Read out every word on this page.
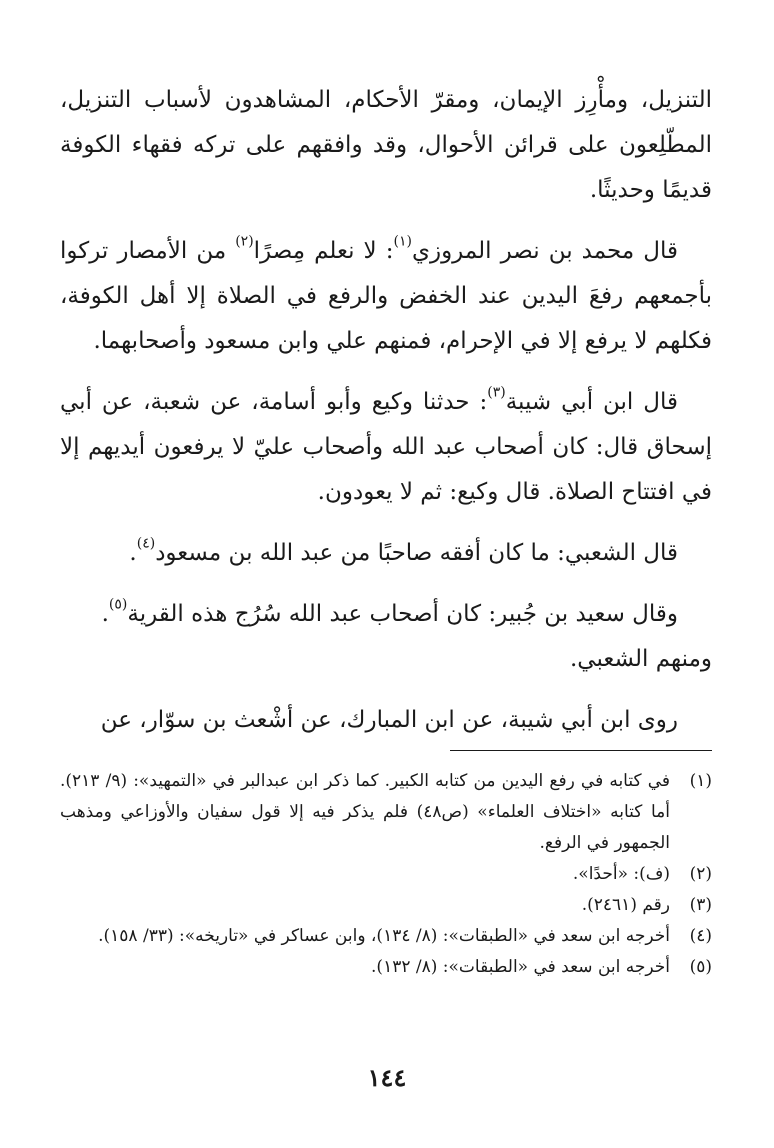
التنزيل، ومأْرِز الإيمان، ومقرّ الأحكام، المشاهدون لأسباب التنزيل، المطّلِعون على قرائن الأحوال، وقد وافقهم على تركه فقهاء الكوفة قديمًا وحديثًا.

قال محمد بن نصر المروزي$^{(١)}$: لا نعلم مِصرًا$^{(٢)}$ من الأمصار تركوا بأجمعهم رفعَ اليدين عند الخفض والرفع في الصلاة إلا أهل الكوفة، فكلهم لا يرفع إلا في الإحرام، فمنهم علي وابن مسعود وأصحابهما.

قال ابن أبي شيبة$^{(٣)}$: حدثنا وكيع وأبو أسامة، عن شعبة، عن أبي إسحاق قال: كان أصحاب عبد الله وأصحاب عليّ لا يرفعون أيديهم إلا في افتتاح الصلاة. قال وكيع: ثم لا يعودون.

قال الشعبي: ما كان أفقه صاحبًا من عبد الله بن مسعود$^{(٤)}$.

وقال سعيد بن جُبير: كان أصحاب عبد الله سُرُج هذه القرية$^{(٥)}$.

ومنهم الشعبي.

روى ابن أبي شيبة، عن ابن المبارك، عن أشْعث بن سوّار، عن

(١)
في كتابه في رفع اليدين من كتابه الكبير. كما ذكر ابن عبدالبر في «التمهيد»: (٩/ ٢١٣). أما كتابه «اختلاف العلماء» (ص٤٨) فلم يذكر فيه إلا قول سفيان والأوزاعي ومذهب الجمهور في الرفع.
(٢)
(ف): «أحدًا».
(٣)
رقم (٢٤٦١).
(٤)
أخرجه ابن سعد في «الطبقات»: (٨/ ١٣٤)، وابن عساكر في «تاريخه»: (٣٣/ ١٥٨).
(٥)
أخرجه ابن سعد في «الطبقات»: (٨/ ١٣٢).
١٤٤
